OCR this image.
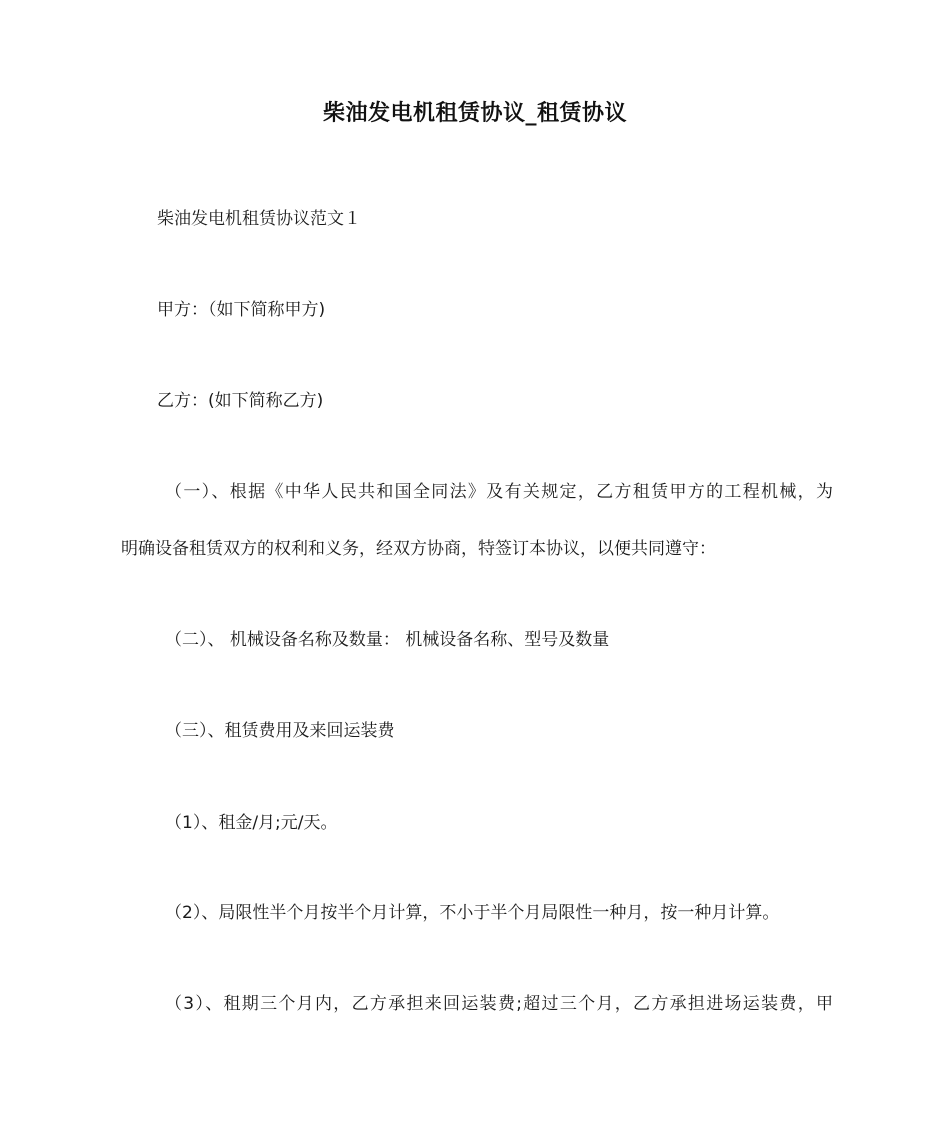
柴油发电机租赁协议_租赁协议
柴油发电机租赁协议范文１
甲方：（如下简称甲方)
乙方：(如下简称乙方)
（一）、根据《中华人民共和国全同法》及有关规定，乙方租赁甲方的工程机械，为
明确设备租赁双方的权利和义务，经双方协商，特签订本协议，以便共同遵守：
（二）、 机械设备名称及数量： 机械设备名称、型号及数量
（三）、租赁费用及来回运装费
（1）、租金/月;元/天。
（2）、局限性半个月按半个月计算，不小于半个月局限性一种月，按一种月计算。
（3）、租期三个月内，乙方承担来回运装费;超过三个月，乙方承担进场运装费，甲
